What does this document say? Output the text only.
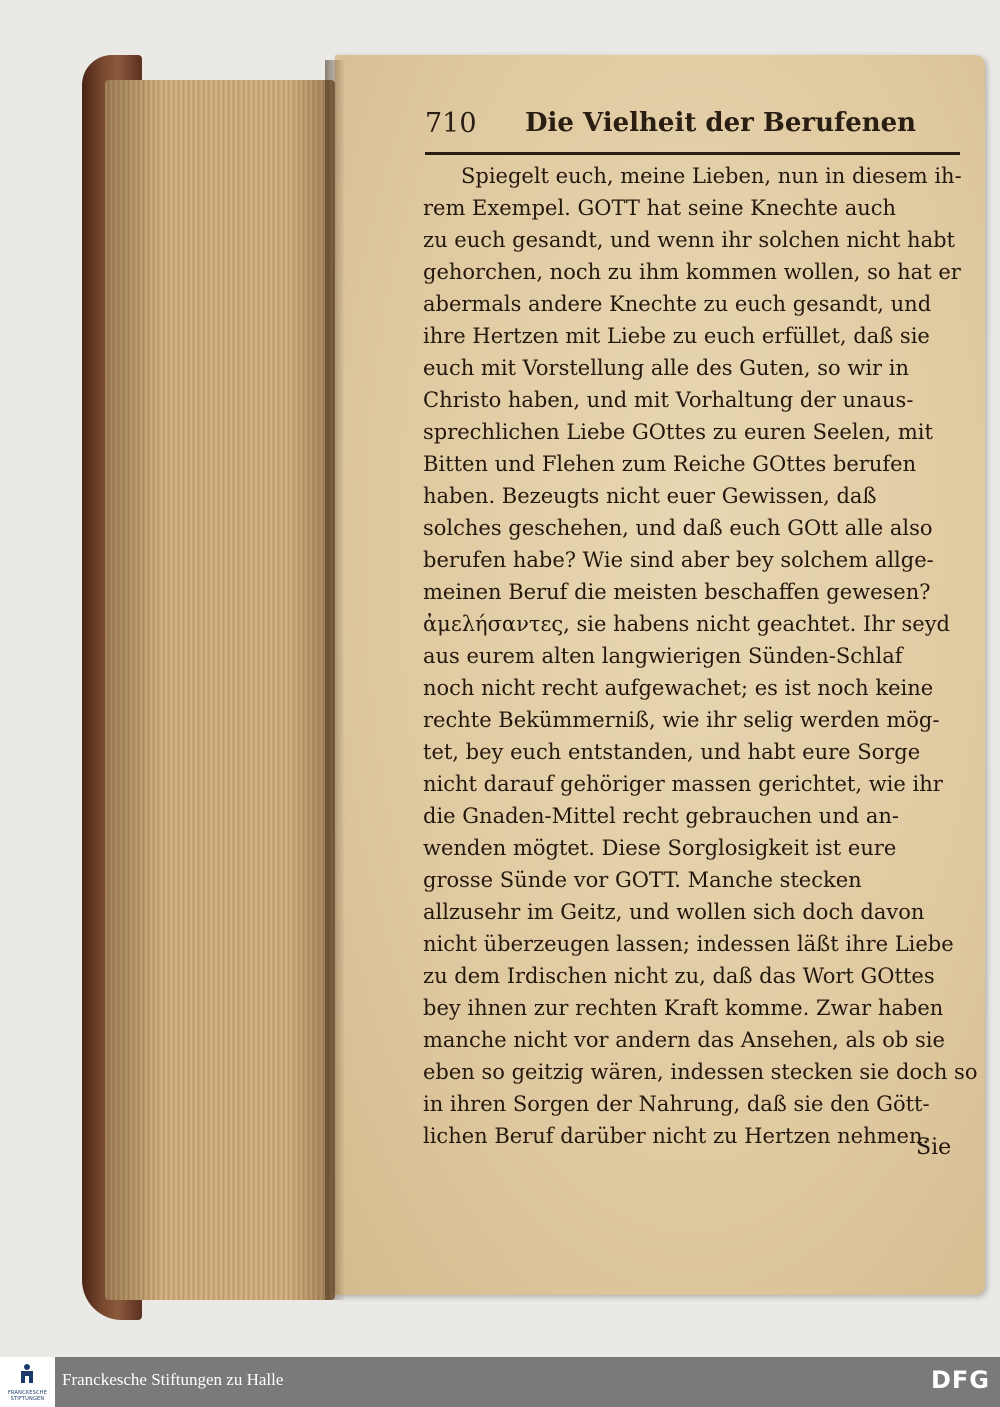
710 Die Vielheit der Berufenen
Spiegelt euch, meine Lieben, nun in diesem ih-
rem Exempel. GOTT hat seine Knechte auch
zu euch gesandt, und wenn ihr solchen nicht habt
gehorchen, noch zu ihm kommen wollen, so hat er
abermals andere Knechte zu euch gesandt, und
ihre Hertzen mit Liebe zu euch erfüllet, daß sie
euch mit Vorstellung alle des Guten, so wir in
Christo haben, und mit Vorhaltung der unaus-
sprechlichen Liebe GOttes zu euren Seelen, mit
Bitten und Flehen zum Reiche GOttes berufen
haben. Bezeugts nicht euer Gewissen, daß
solches geschehen, und daß euch GOtt alle also
berufen habe? Wie sind aber bey solchem allge-
meinen Beruf die meisten beschaffen gewesen?
ἀμελήσαντες, sie habens nicht geachtet. Ihr seyd
aus eurem alten langwierigen Sünden-Schlaf
noch nicht recht aufgewachet; es ist noch keine
rechte Bekümmerniß, wie ihr selig werden mög-
tet, bey euch entstanden, und habt eure Sorge
nicht darauf gehöriger massen gerichtet, wie ihr
die Gnaden-Mittel recht gebrauchen und an-
wenden mögtet. Diese Sorglosigkeit ist eure
grosse Sünde vor GOTT. Manche stecken
allzusehr im Geitz, und wollen sich doch davon
nicht überzeugen lassen; indessen läßt ihre Liebe
zu dem Irdischen nicht zu, daß das Wort GOttes
bey ihnen zur rechten Kraft komme. Zwar haben
manche nicht vor andern das Ansehen, als ob sie
eben so geitzig wären, indessen stecken sie doch so
in ihren Sorgen der Nahrung, daß sie den Gött-
lichen Beruf darüber nicht zu Hertzen nehmen.
Sie
FRANCKESCHE STIFTUNGEN
Franckesche Stiftungen zu Halle	DFG
